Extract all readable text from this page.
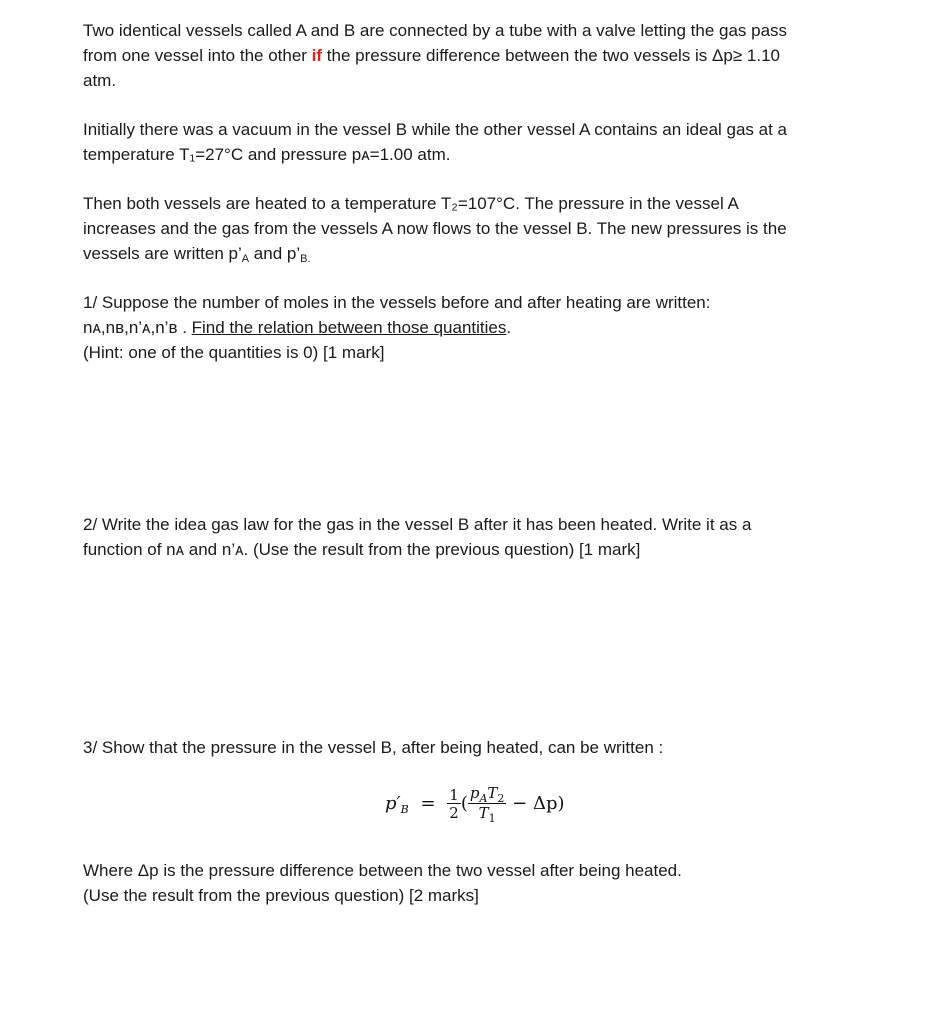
Two identical vessels called A and B are connected by a tube with a valve letting the gas pass
from one vessel into the other if the pressure difference between the two vessels is Δp≥ 1.10
atm.

Initially there was a vacuum in the vessel B while the other vessel A contains an ideal gas at a
temperature T₁=27°C and pressure pᴀ=1.00 atm.

Then both vessels are heated to a temperature T₂=107°C. The pressure in the vessel A
increases and the gas from the vessels A now flows to the vessel B. The new pressures is the
vessels are written p’A and p’B.

1/ Suppose the number of moles in the vessels before and after heating are written:
nᴀ,nʙ,n’ᴀ,n’ʙ . Find the relation between those quantities.
(Hint: one of the quantities is 0) [1 mark]

2/ Write the idea gas law for the gas in the vessel B after it has been heated. Write it as a
function of nᴀ and n’ᴀ. (Use the result from the previous question) [1 mark]

3/ Show that the pressure in the vessel B, after being heated, can be written :

$p'_B = \frac{1}{2}$ ( $\frac{p_AT_2}{T_1} - \Delta p$)

Where Δp is the pressure difference between the two vessel after being heated.
(Use the result from the previous question) [2 marks]
